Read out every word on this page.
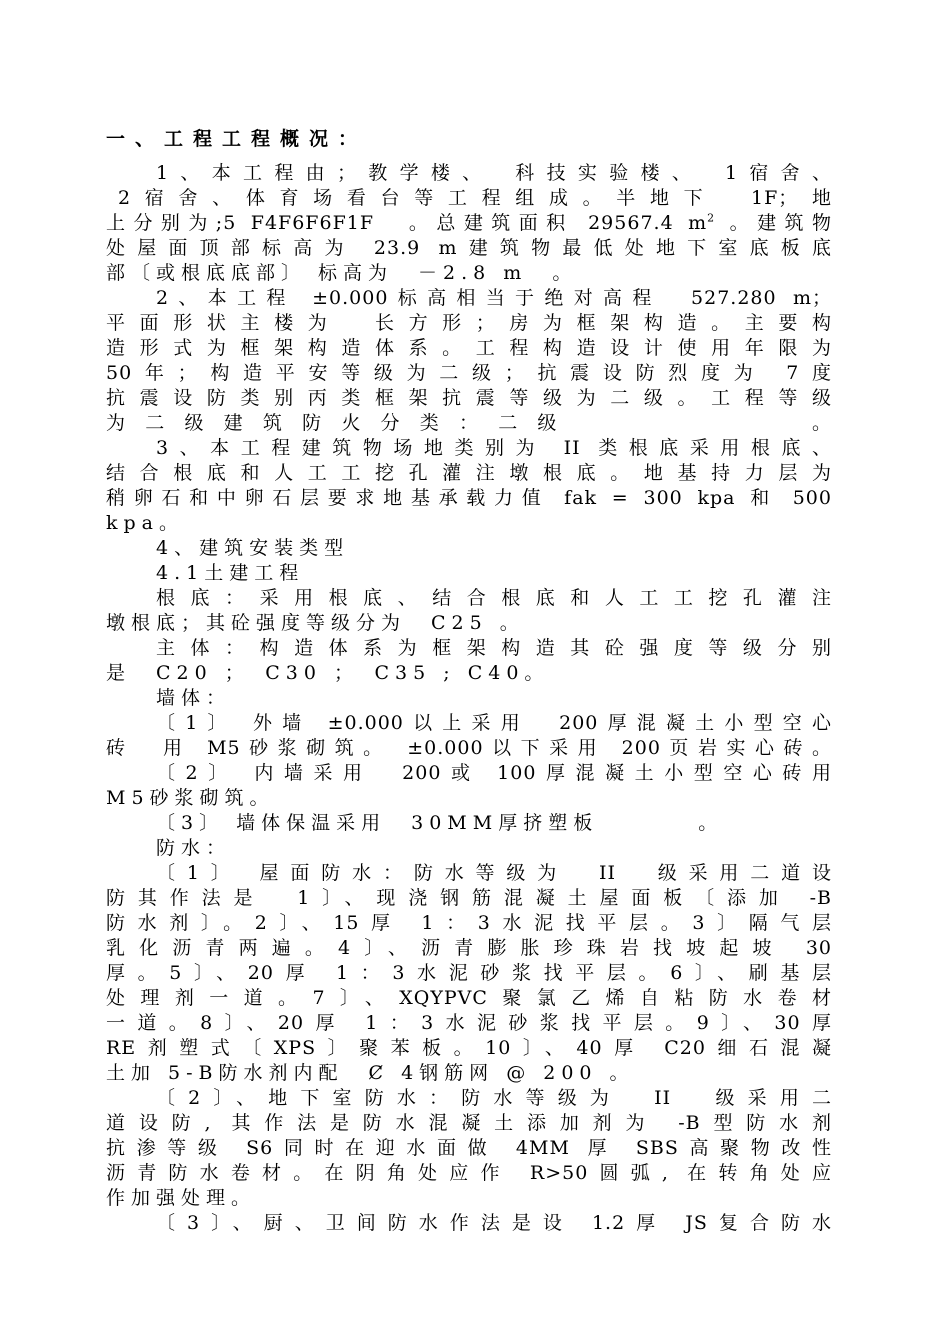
一、工程工程概况：
1、本工程由；教学楼、　科技实验楼、　1宿舍、
2宿舍、体育场看台等工程组成。半地下　1F；地
上分别为;5 F4F6F6F1F　。总建筑面积 29567.4 $m^2$ 。建筑物
处屋面顶部标高为 23.9 m建筑物最低处地下室底板底
部〔或根底底部〕 标高为　－2.8 m　。
2、本工程 ±0.000标高相当于绝对高程　527.280 m；
平面形状主楼为　长方形；房为框架构造。主要构
造形式为框架构造体系。工程构造设计使用年限为
50年；构造平安等级为二级；抗震设防烈度为 7度
抗震设防类别丙类框架抗震等级为二级。工程等级
为二级建筑防火分类：二级　　　　　　。
3、本工程建筑物场地类别为 II 类根底采用根底、
结合根底和人工工挖孔灌注墩根底。地基持力层为
稍卵石和中卵石层要求地基承载力值 fak = 300 kpa 和 500
kpa。
4、建筑安装类型
4.1土建工程
根底：采用根底、结合根底和人工工挖孔灌注
墩根底；其砼强度等级分为　C25 。
主体：构造体系为框架构造其砼强度等级分别
是　C20 ；　C30 ；　C35 ; C40。
墙体：
〔1〕 外墙 ±0.000以上采用　200厚混凝土小型空心
砖　用 M5砂浆砌筑。 ±0.000以下采用 200页岩实心砖。
〔2〕 内墙采用　200或 100厚混凝土小型空心砖用
M5砂浆砌筑。
〔3〕 墙体保温采用　30MM厚挤塑板　　　　。
防水：
〔1〕 屋面防水：防水等级为　II　级采用二道设
防其作法是　1〕、现浇钢筋混凝土屋面板〔添加 -B
防水剂〕。2〕、15厚 1：3水泥找平层。3〕隔气层
乳化沥青两遍。4〕、沥青膨胀珍珠岩找坡起坡 30
厚。5〕、20厚 1：3水泥砂浆找平层。6〕、刷基层
处理剂一道。7〕、XQYPVC聚氯乙烯自粘防水卷材
一道。8〕、20厚 1：3水泥砂浆找平层。9〕、30厚
RE剂塑式〔XPS〕聚苯板。10〕、40厚 C20细石混凝
土加 5-B防水剂内配　Ȼ 4钢筋网 @ 200 。
〔2〕、地下室防水：防水等级为　II　级采用二
道设防, 其作法是防水混凝土添加剂为 -B型防水剂
抗渗等级 S6同时在迎水面做 4MM 厚 SBS高聚物改性
沥青防水卷材。在阴角处应作 R>50圆弧, 在转角处应
作加强处理。
〔3〕、厨、卫间防水作法是设 1.2厚 JS复合防水
